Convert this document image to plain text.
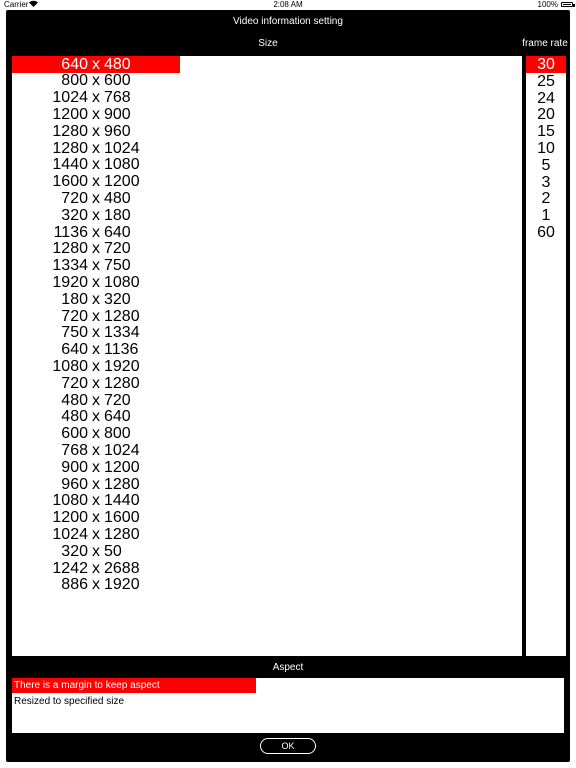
Carrier	2:08 AM	100%
Video information setting
Size	frame rate
640 x 480
800 x 600
1024 x 768
1200 x 900
1280 x 960
1280 x 1024
1440 x 1080
1600 x 1200
720 x 480
320 x 180
1136 x 640
1280 x 720
1334 x 750
1920 x 1080
180 x 320
720 x 1280
750 x 1334
640 x 1136
1080 x 1920
720 x 1280
480 x 720
480 x 640
600 x 800
768 x 1024
900 x 1200
960 x 1280
1080 x 1440
1200 x 1600
1024 x 1280
320 x 50
1242 x 2688
886 x 1920
30
25
24
20
15
10
5
3
2
1
60
Aspect
There is a margin to keep aspect
Resized to specified size
OK
